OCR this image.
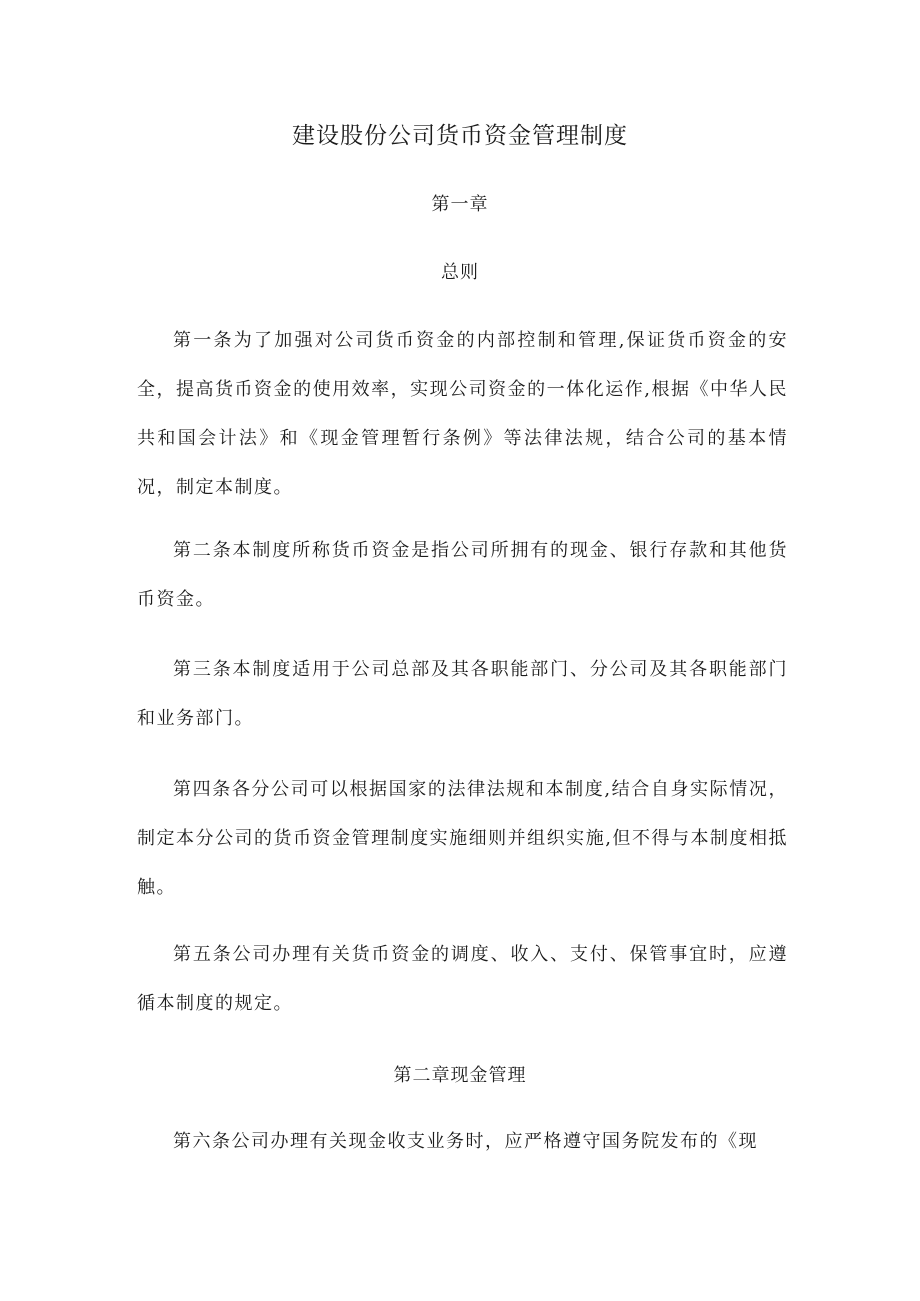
建设股份公司货币资金管理制度
第一章
总则

第一条为了加强对公司货币资金的内部控制和管理,保证货币资金的安全，提高货币资金的使用效率，实现公司资金的一体化运作,根据《中华人民共和国会计法》和《现金管理暂行条例》等法律法规，结合公司的基本情况，制定本制度。

第二条本制度所称货币资金是指公司所拥有的现金、银行存款和其他货币资金。

第三条本制度适用于公司总部及其各职能部门、分公司及其各职能部门和业务部门。

第四条各分公司可以根据国家的法律法规和本制度,结合自身实际情况，制定本分公司的货币资金管理制度实施细则并组织实施,但不得与本制度相抵触。

第五条公司办理有关货币资金的调度、收入、支付、保管事宜时，应遵循本制度的规定。

第二章现金管理

第六条公司办理有关现金收支业务时，应严格遵守国务院发布的《现
